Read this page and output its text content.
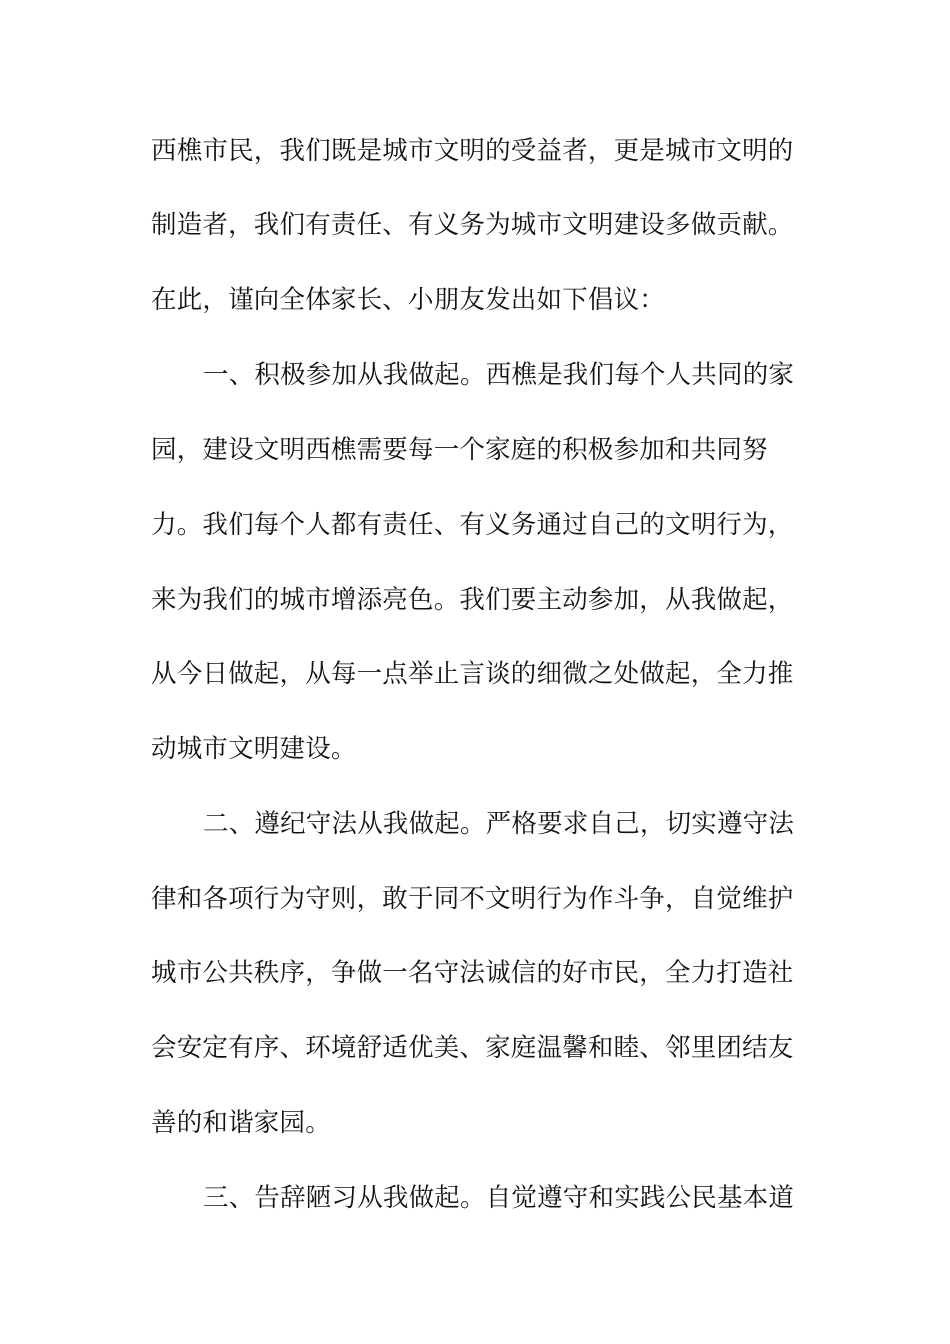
西樵市民，我们既是城市文明的受益者，更是城市文明的
制造者，我们有责任、有义务为城市文明建设多做贡献。
在此，谨向全体家长、小朋友发出如下倡议：
一、积极参加从我做起。西樵是我们每个人共同的家
园，建设文明西樵需要每一个家庭的积极参加和共同努
力。我们每个人都有责任、有义务通过自己的文明行为，
来为我们的城市增添亮色。我们要主动参加，从我做起，
从今日做起，从每一点举止言谈的细微之处做起，全力推
动城市文明建设。
二、遵纪守法从我做起。严格要求自己，切实遵守法
律和各项行为守则，敢于同不文明行为作斗争，自觉维护
城市公共秩序，争做一名守法诚信的好市民，全力打造社
会安定有序、环境舒适优美、家庭温馨和睦、邻里团结友
善的和谐家园。
三、告辞陋习从我做起。自觉遵守和实践公民基本道
